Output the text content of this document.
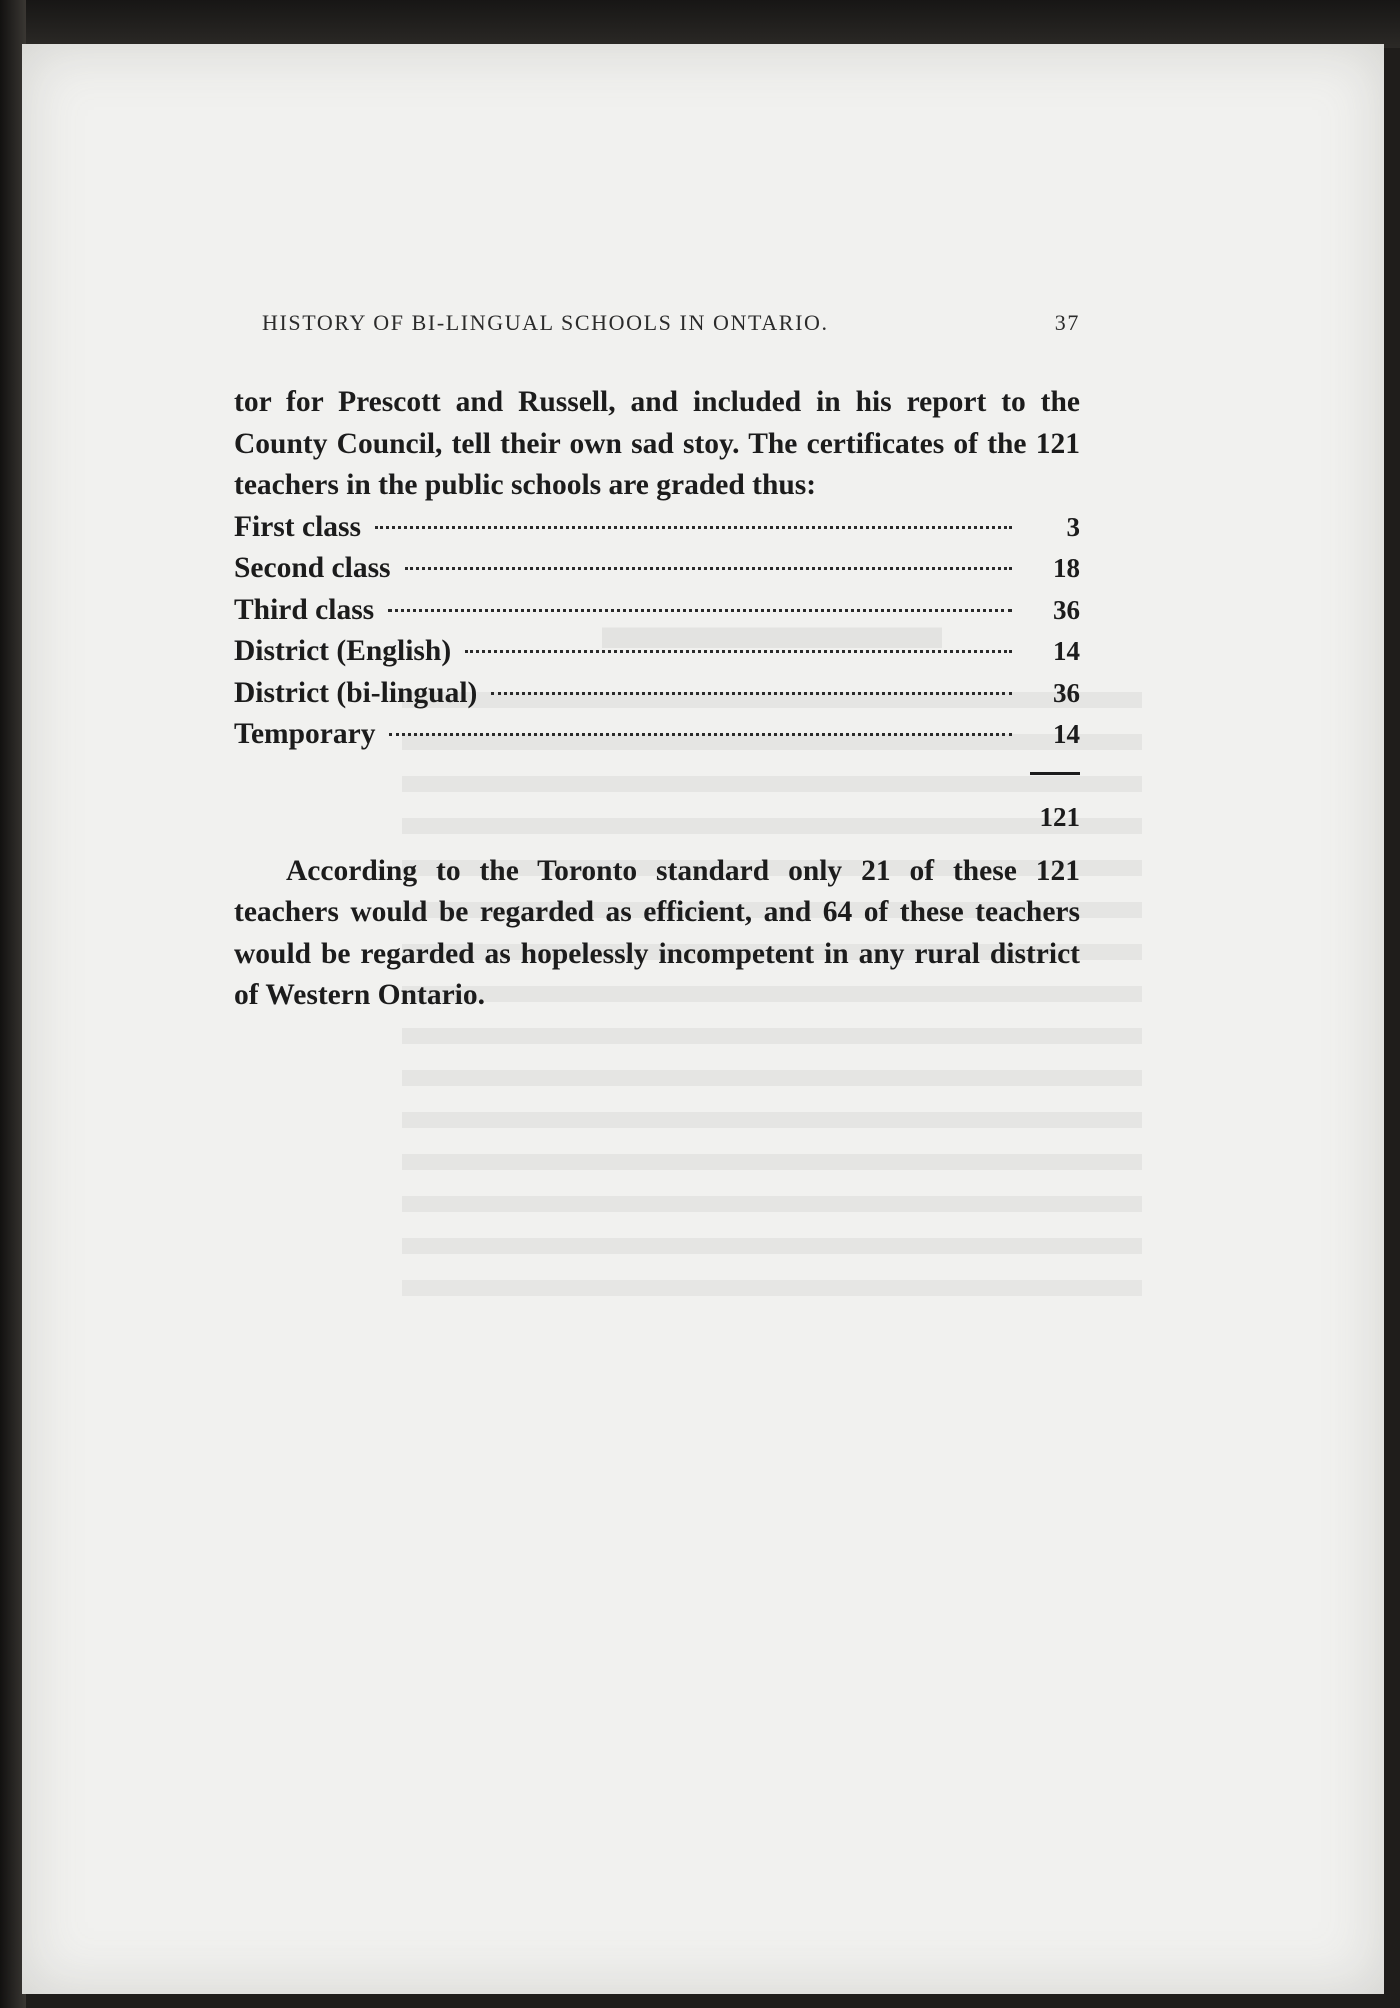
▬▬▬▬▬
HISTORY OF BI-LINGUAL SCHOOLS IN ONTARIO.	37

tor for Prescott and Russell, and included in his report to the County Council, tell their own sad stoy. The certificates of the 121 teachers in the public schools are graded thus:

First class	3
Second class	18
Third class	36
District (English)	14
District (bi-lingual)	36
Temporary	14
121

According to the Toronto standard only 21 of these 121 teachers would be regarded as efficient, and 64 of these teachers would be regarded as hopelessly incompetent in any rural district of Western Ontario.
